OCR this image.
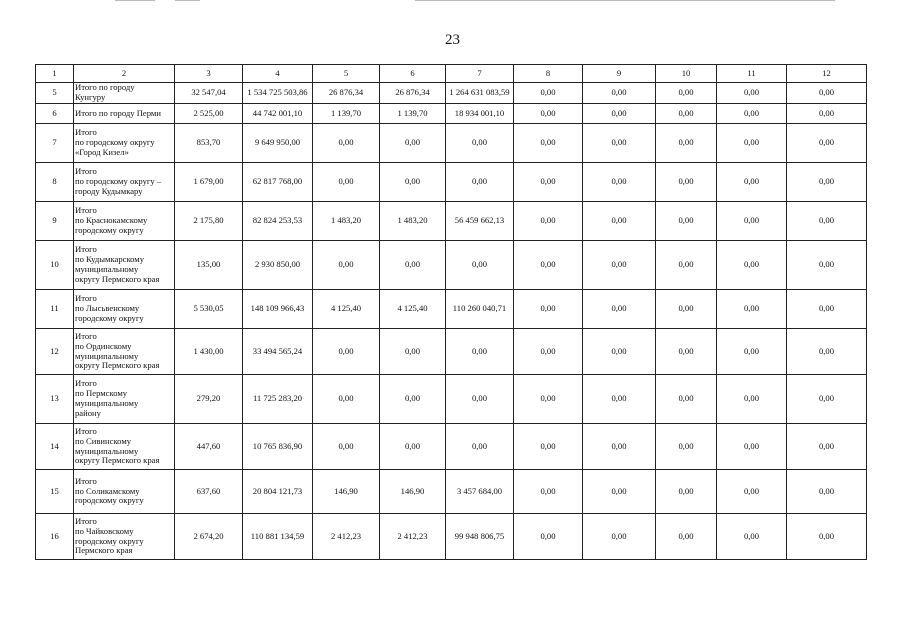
23
1	2	3	4	5	6	7	8	9	10	11	12
5	Итого по городу
Кунгуру	32 547,04	1 534 725 503,86	26 876,34	26 876,34	1 264 631 083,59	0,00	0,00	0,00	0,00	0,00
6	Итого по городу Перми	2 525,00	44 742 001,10	1 139,70	1 139,70	18 934 001,10	0,00	0,00	0,00	0,00	0,00
7	Итого
по городскому округу
«Город Кизел»	853,70	9 649 950,00	0,00	0,00	0,00	0,00	0,00	0,00	0,00	0,00
8	Итого
по городскому округу –
городу Кудымкару	1 679,00	62 817 768,00	0,00	0,00	0,00	0,00	0,00	0,00	0,00	0,00
9	Итого
по Краснокамскому
городскому округу	2 175,80	82 824 253,53	1 483,20	1 483,20	56 459 662,13	0,00	0,00	0,00	0,00	0,00
10	Итого
по Кудымкарскому
муниципальному
округу Пермского края	135,00	2 930 850,00	0,00	0,00	0,00	0,00	0,00	0,00	0,00	0,00
11	Итого
по Лысьвенскому
городскому округу	5 530,05	148 109 966,43	4 125,40	4 125,40	110 260 040,71	0,00	0,00	0,00	0,00	0,00
12	Итого
по Ординскому
муниципальному
округу Пермского края	1 430,00	33 494 565,24	0,00	0,00	0,00	0,00	0,00	0,00	0,00	0,00
13	Итого
по Пермскому
муниципальному
району	279,20	11 725 283,20	0,00	0,00	0,00	0,00	0,00	0,00	0,00	0,00
14	Итого
по Сивинскому
муниципальному
округу Пермского края	447,60	10 765 836,90	0,00	0,00	0,00	0,00	0,00	0,00	0,00	0,00
15	Итого
по Соликамскому
городскому округу	637,60	20 804 121,73	146,90	146,90	3 457 684,00	0,00	0,00	0,00	0,00	0,00
16	Итого
по Чайковскому
городскому округу
Пермского края	2 674,20	110 881 134,59	2 412,23	2 412,23	99 948 806,75	0,00	0,00	0,00	0,00	0,00
